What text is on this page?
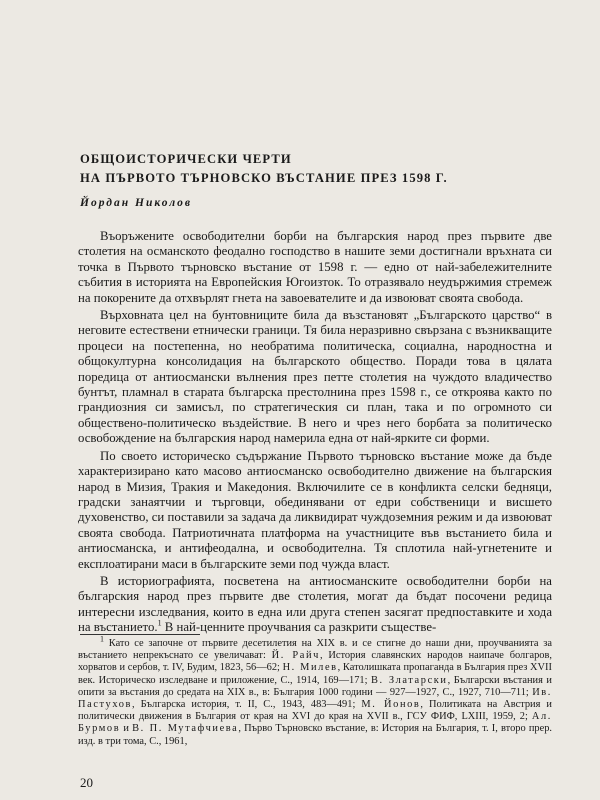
ОБЩОИСТОРИЧЕСКИ ЧЕРТИ
НА ПЪРВОТО ТЪРНОВСКО ВЪСТАНИЕ ПРЕЗ 1598 Г.

Йордан Николов

Въоръжените освободителни борби на българския народ през първите две столетия на османското феодално господство в нашите земи достигнали връхната си точка в Първото търновско въстание от 1598 г. — едно от най-забележителните събития в историята на Европейския Югоизток. То отразявало неудържимия стремеж на покорените да отхвърлят гнета на завоевателите и да извоюват своята свобода.

Върховната цел на бунтовниците била да възстановят „Българското царство“ в неговите естествени етнически граници. Тя била неразривно свързана с възникващите процеси на постепенна, но необратима политическа, социална, народностна и общокултурна консолидация на българското общество. Поради това в цялата поредица от антиосмански вълнения през петте столетия на чуждото владичество бунтът, пламнал в старата българска престолнина през 1598 г., се откроява както по грандиозния си замисъл, по стратегическия си план, така и по огромното си обществено-политическо въздействие. В него и чрез него борбата за политическо освобождение на българския народ намерила една от най-ярките си форми.

По своето историческо съдържание Първото търновско въстание може да бъде характеризирано като масово антиосманско освободително движение на българския народ в Мизия, Тракия и Македония. Включилите се в конфликта селски бедняци, градски занаятчии и търговци, обединявани от едри собственици и висшето духовенство, си поставили за задача да ликвидират чуждоземния режим и да извоюват своята свобода. Патриотичната платформа на участниците във въстанието била и антиосманска, и антифеодална, и освободителна. Тя сплотила най-угнетените и експлоатирани маси в българските земи под чужда власт.

В историографията, посветена на антиосманските освободителни борби на българския народ през първите две столетия, могат да бъдат посочени редица интересни изследвания, които в една или друга степен засягат предпоставките и хода на въстанието.$^1$ В най-ценните проучвания са разкрити съществе-

$^1$ Като се започне от първите десетилетия на XIX в. и се стигне до наши дни, проучванията за въстанието непрекъснато се увеличават: Й. Райч, История славянских народов наипаче болгаров, хорватов и сербов, т. IV, Будим, 1823, 56—62; Н. Милев, Католишката пропаганда в България през XVII век. Историческо изследване и приложение, С., 1914, 169—171; В. Златарски, Български въстания и опити за въстания до средата на XIX в., в: България 1000 години — 927—1927, С., 1927, 710—711; Ив. Пастухов, Българска история, т. II, С., 1943, 483—491; М. Йонов, Политиката на Австрия и политически движения в България от края на XVI до края на XVII в., ГСУ ФИФ, LXIII, 1959, 2; Ал. Бурмов и В. П. Мутафчиева, Първо Търновско въстание, в: История на България, т. I, второ прер. изд. в три тома, С., 1961,

20
